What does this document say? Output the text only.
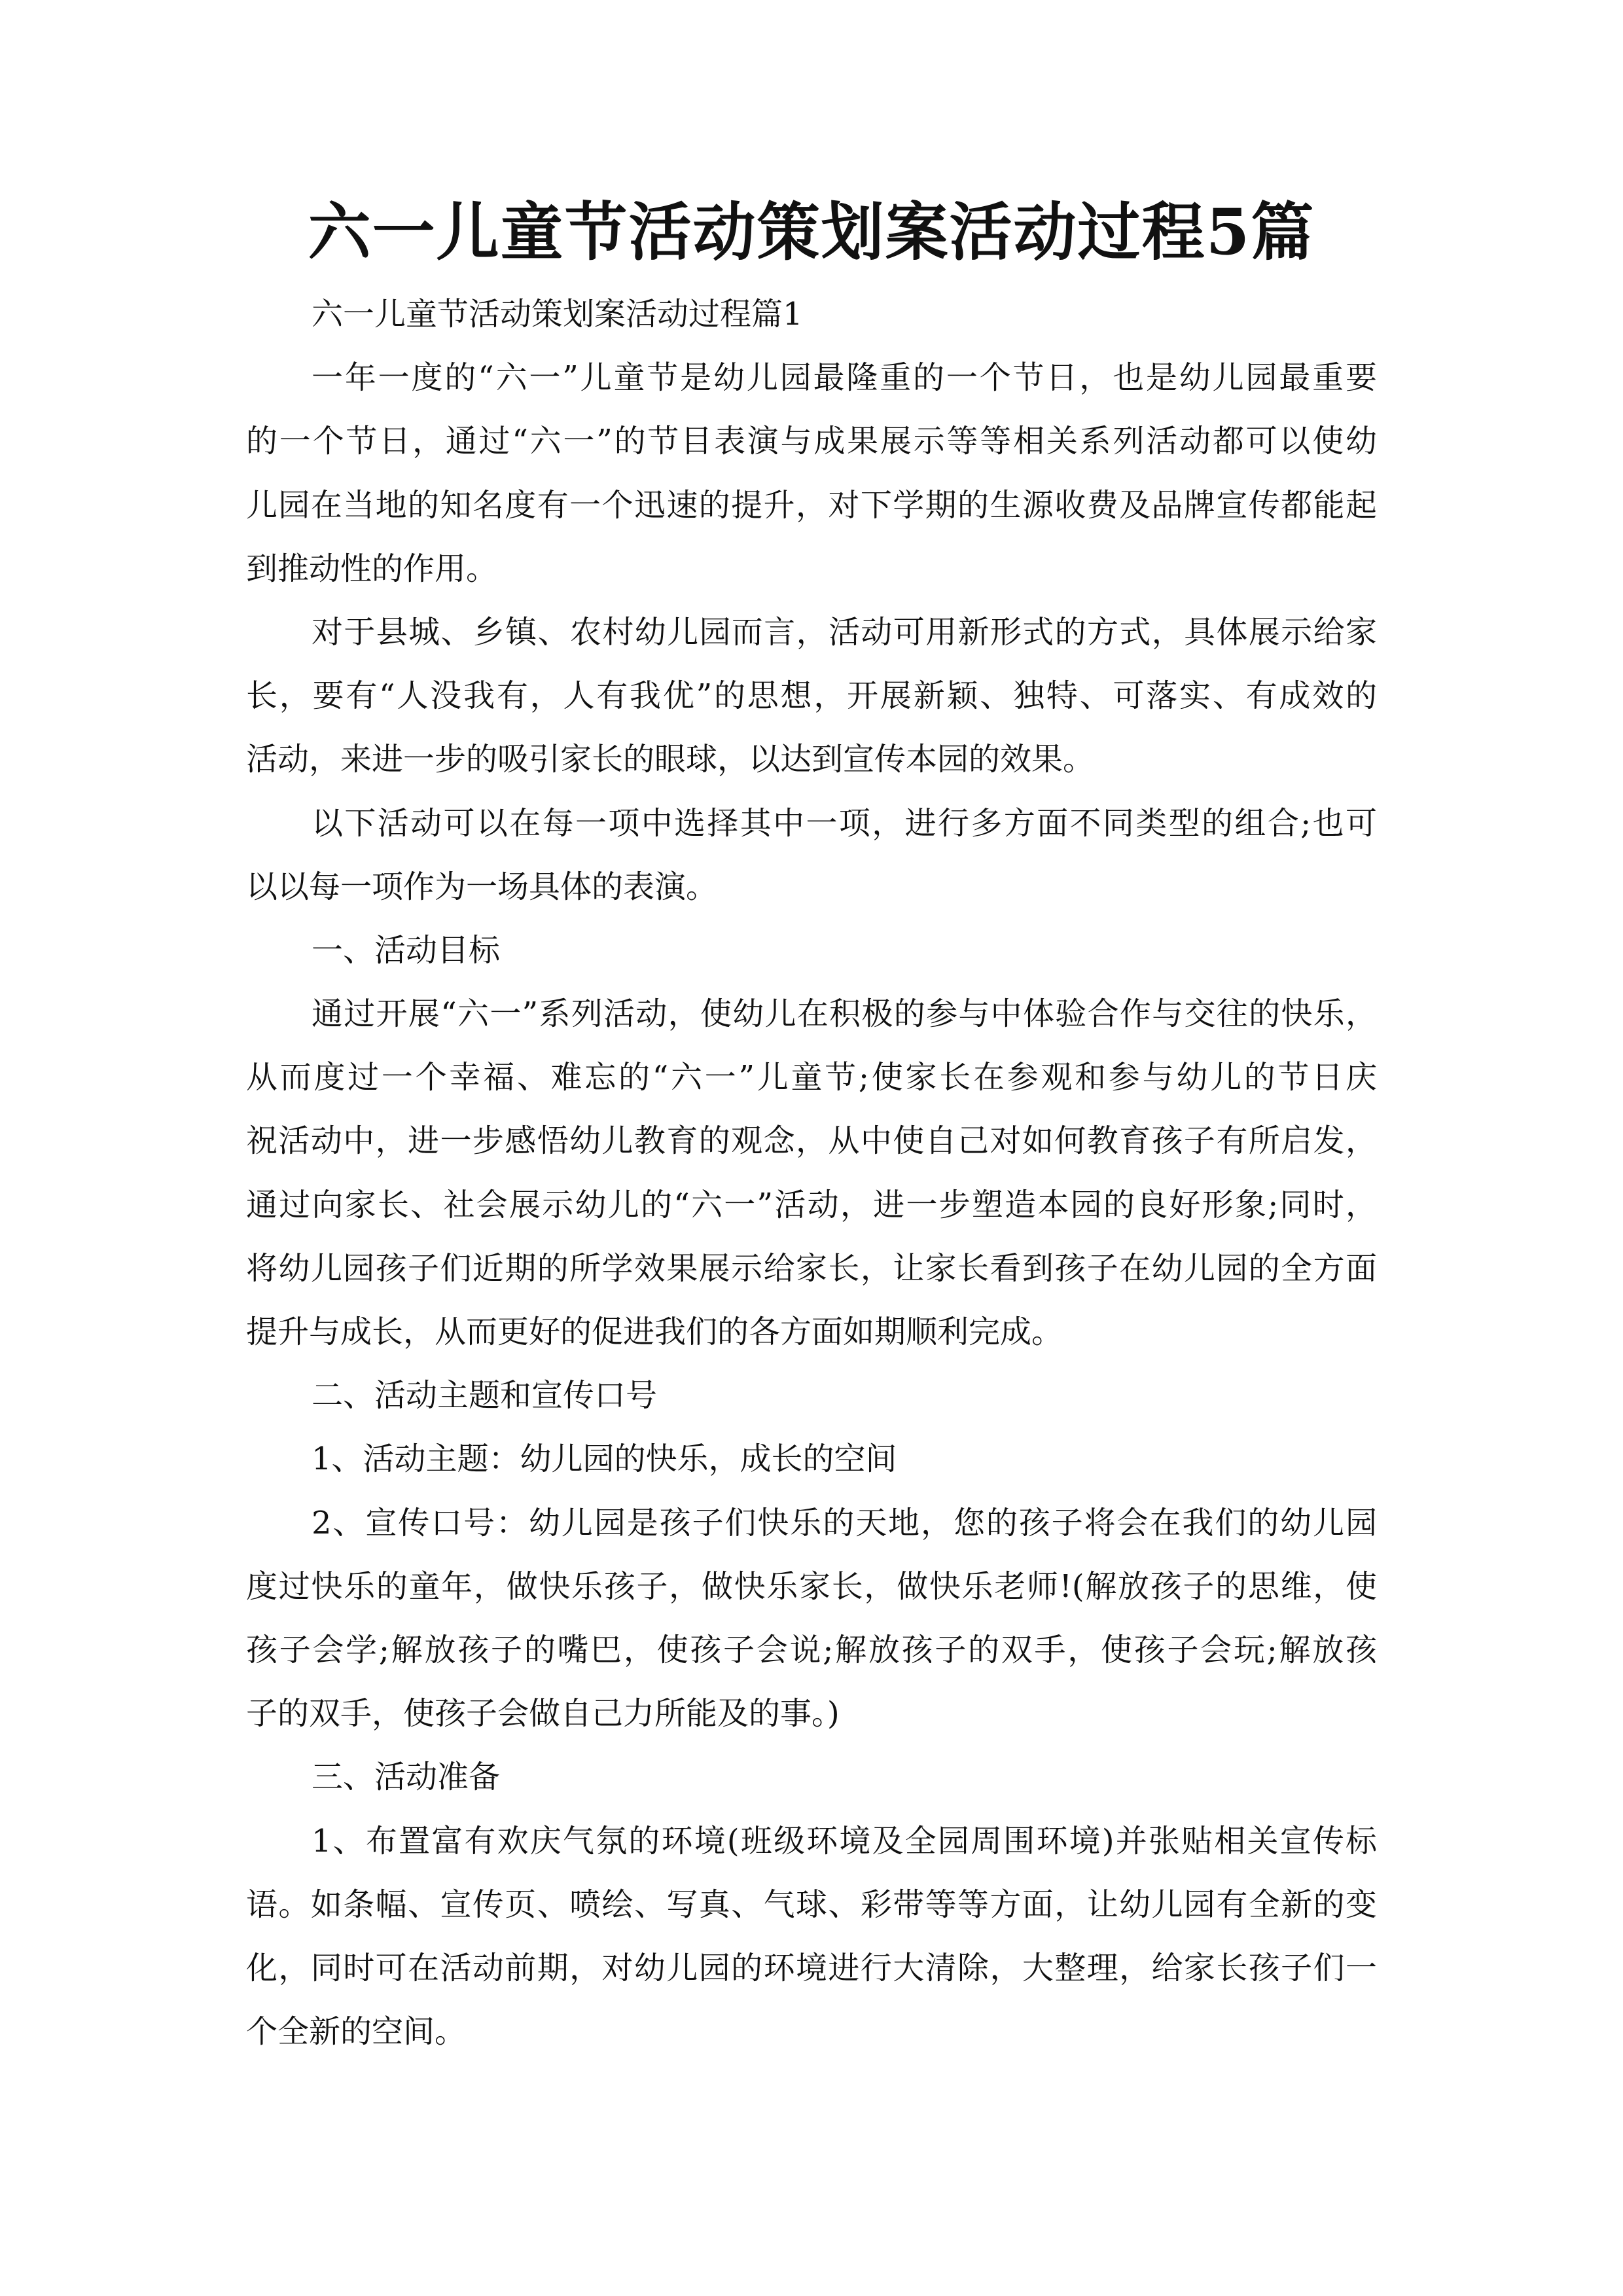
六一儿童节活动策划案活动过程5篇
六一儿童节活动策划案活动过程篇1
一年一度的“六一”儿童节是幼儿园最隆重的一个节日，也是幼儿园最重要
的一个节日，通过“六一”的节目表演与成果展示等等相关系列活动都可以使幼
儿园在当地的知名度有一个迅速的提升，对下学期的生源收费及品牌宣传都能起
到推动性的作用。
对于县城、乡镇、农村幼儿园而言，活动可用新形式的方式，具体展示给家
长，要有“人没我有，人有我优”的思想，开展新颖、独特、可落实、有成效的
活动，来进一步的吸引家长的眼球，以达到宣传本园的效果。
以下活动可以在每一项中选择其中一项，进行多方面不同类型的组合;也可
以以每一项作为一场具体的表演。
一、活动目标
通过开展“六一”系列活动，使幼儿在积极的参与中体验合作与交往的快乐，
从而度过一个幸福、难忘的“六一”儿童节;使家长在参观和参与幼儿的节日庆
祝活动中，进一步感悟幼儿教育的观念，从中使自己对如何教育孩子有所启发，
通过向家长、社会展示幼儿的“六一”活动，进一步塑造本园的良好形象;同时，
将幼儿园孩子们近期的所学效果展示给家长，让家长看到孩子在幼儿园的全方面
提升与成长，从而更好的促进我们的各方面如期顺利完成。
二、活动主题和宣传口号
1、活动主题：幼儿园的快乐，成长的空间
2、宣传口号：幼儿园是孩子们快乐的天地，您的孩子将会在我们的幼儿园
度过快乐的童年，做快乐孩子，做快乐家长，做快乐老师!(解放孩子的思维，使
孩子会学;解放孩子的嘴巴，使孩子会说;解放孩子的双手，使孩子会玩;解放孩
子的双手，使孩子会做自己力所能及的事。)
三、活动准备
1、布置富有欢庆气氛的环境(班级环境及全园周围环境)并张贴相关宣传标
语。如条幅、宣传页、喷绘、写真、气球、彩带等等方面，让幼儿园有全新的变
化，同时可在活动前期，对幼儿园的环境进行大清除，大整理，给家长孩子们一
个全新的空间。
